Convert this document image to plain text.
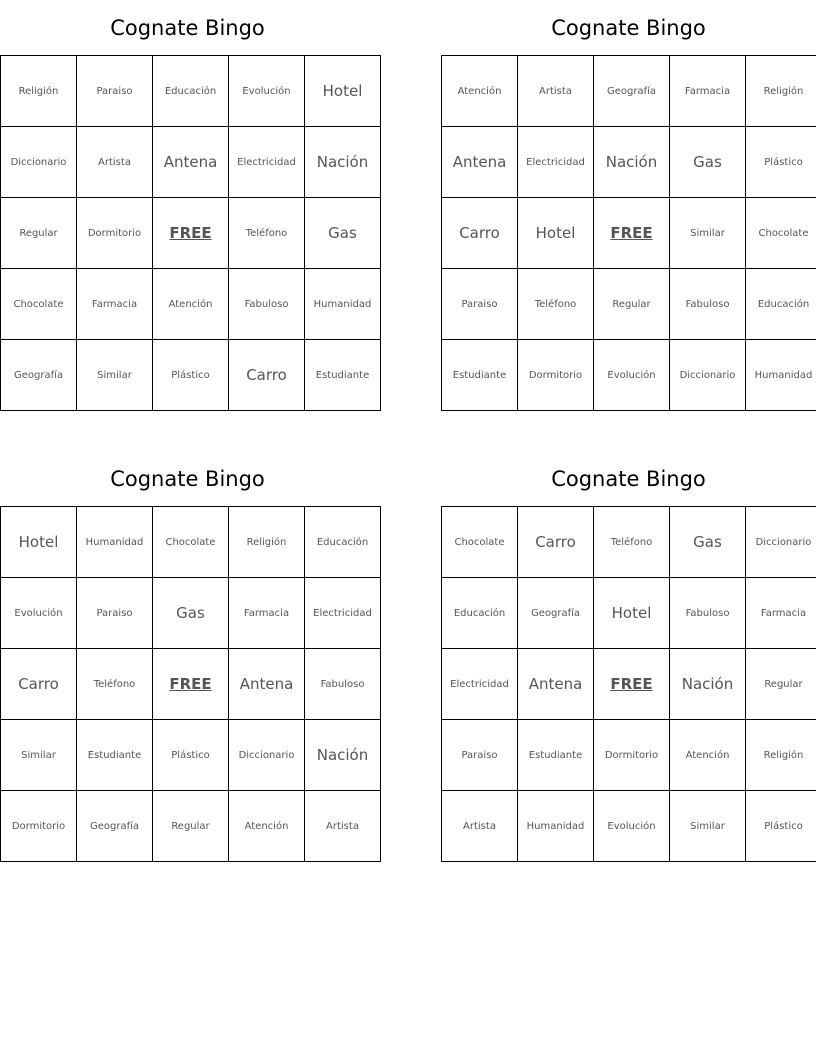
Cognate Bingo
Religión	Paraiso	Educación	Evolución	Hotel
Diccionario	Artista	Antena	Electricidad	Nación
Regular	Dormitorio	FREE	Teléfono	Gas
Chocolate	Farmacia	Atención	Fabuloso	Humanidad
Geografía	Similar	Plástico	Carro	Estudiante
Cognate Bingo
Atención	Artista	Geografía	Farmacia	Religión
Antena	Electricidad	Nación	Gas	Plástico
Carro	Hotel	FREE	Similar	Chocolate
Paraiso	Teléfono	Regular	Fabuloso	Educación
Estudiante	Dormitorio	Evolución	Diccionario	Humanidad
Cognate Bingo
Hotel	Humanidad	Chocolate	Religión	Educación
Evolución	Paraiso	Gas	Farmacia	Electricidad
Carro	Teléfono	FREE	Antena	Fabuloso
Similar	Estudiante	Plástico	Diccionario	Nación
Dormitorio	Geografía	Regular	Atención	Artista
Cognate Bingo
Chocolate	Carro	Teléfono	Gas	Diccionario
Educación	Geografía	Hotel	Fabuloso	Farmacia
Electricidad	Antena	FREE	Nación	Regular
Paraiso	Estudiante	Dormitorio	Atención	Religión
Artista	Humanidad	Evolución	Similar	Plástico
